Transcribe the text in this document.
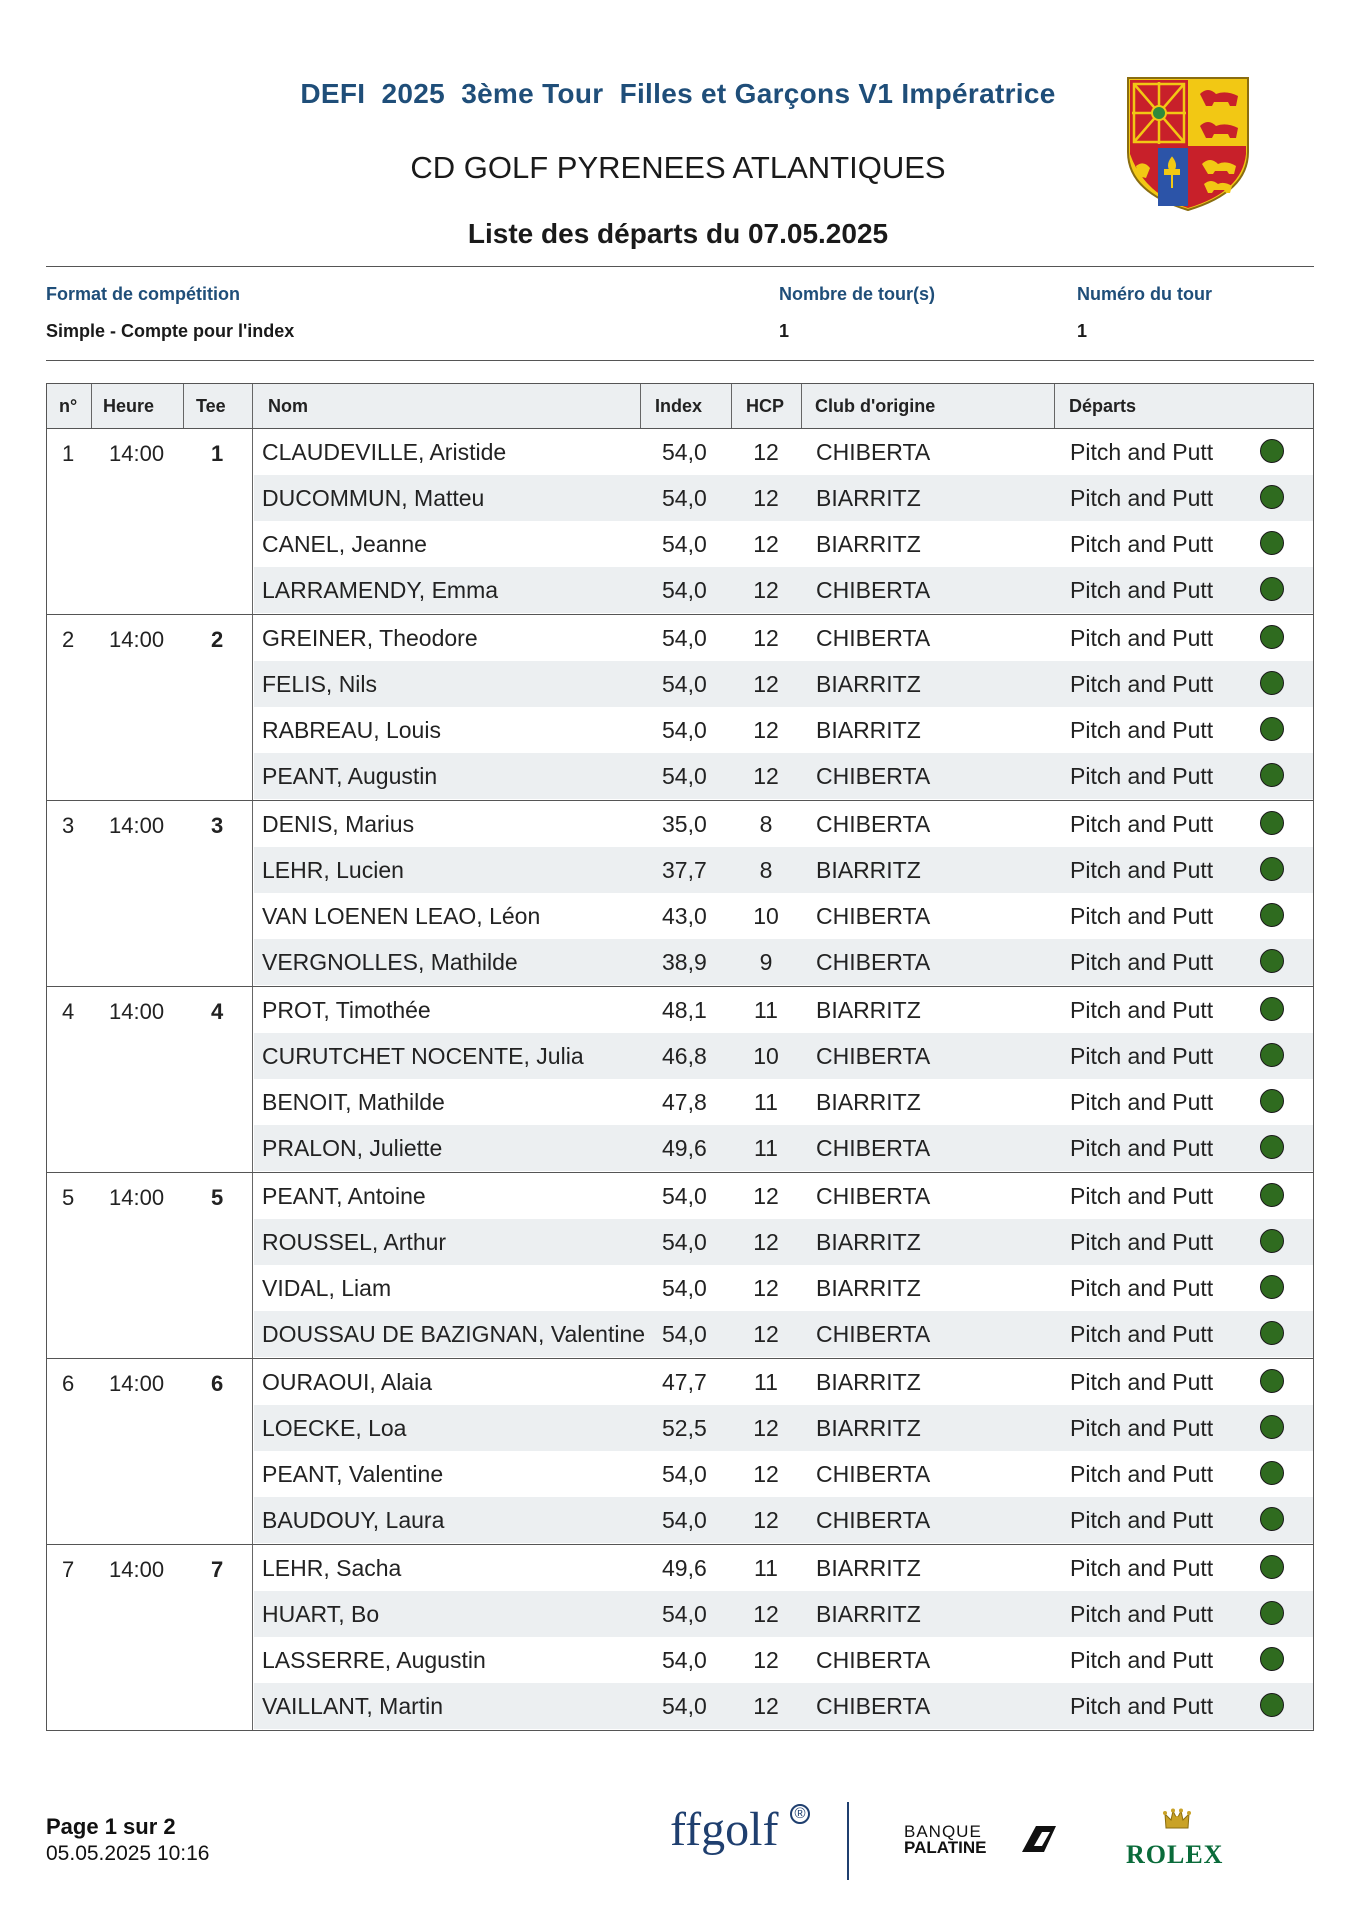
DEFI  2025  3ème Tour  Filles et Garçons V1 Impératrice
CD GOLF PYRENEES ATLANTIQUES
Liste des départs du 07.05.2025
Format de compétition
Simple - Compte pour l'index
Nombre de tour(s)
1
Numéro du tour
1
n° Heure Tee Nom	Index HCP Club d'origine	Départs
1 14:00 1 CLAUDEVILLE, Aristide	54,0	12	CHIBERTA	Pitch and Putt
DUCOMMUN, Matteu	54,0	12	BIARRITZ	Pitch and Putt
CANEL, Jeanne	54,0	12	BIARRITZ	Pitch and Putt
LARRAMENDY, Emma	54,0	12	CHIBERTA	Pitch and Putt
2 14:00 2 GREINER, Theodore	54,0	12	CHIBERTA	Pitch and Putt
FELIS, Nils	54,0	12	BIARRITZ	Pitch and Putt
RABREAU, Louis	54,0	12	BIARRITZ	Pitch and Putt
PEANT, Augustin	54,0	12	CHIBERTA	Pitch and Putt
3 14:00 3 DENIS, Marius	35,0	8	CHIBERTA	Pitch and Putt
LEHR, Lucien	37,7	8	BIARRITZ	Pitch and Putt
VAN LOENEN LEAO, Léon	43,0	10	CHIBERTA	Pitch and Putt
VERGNOLLES, Mathilde	38,9	9	CHIBERTA	Pitch and Putt
4 14:00 4 PROT, Timothée	48,1	11	BIARRITZ	Pitch and Putt
CURUTCHET NOCENTE, Julia	46,8	10	CHIBERTA	Pitch and Putt
BENOIT, Mathilde	47,8	11	BIARRITZ	Pitch and Putt
PRALON, Juliette	49,6	11	CHIBERTA	Pitch and Putt
5 14:00 5 PEANT, Antoine	54,0	12	CHIBERTA	Pitch and Putt
ROUSSEL, Arthur	54,0	12	BIARRITZ	Pitch and Putt
VIDAL, Liam	54,0	12	BIARRITZ	Pitch and Putt
DOUSSAU DE BAZIGNAN, Valentine 54,0	12	CHIBERTA	Pitch and Putt
6 14:00 6 OURAOUI, Alaia	47,7	11	BIARRITZ	Pitch and Putt
LOECKE, Loa	52,5	12	BIARRITZ	Pitch and Putt
PEANT, Valentine	54,0	12	CHIBERTA	Pitch and Putt
BAUDOUY, Laura	54,0	12	CHIBERTA	Pitch and Putt
7 14:00 7 LEHR, Sacha	49,6	11	BIARRITZ	Pitch and Putt
HUART, Bo	54,0	12	BIARRITZ	Pitch and Putt
LASSERRE, Augustin	54,0	12	CHIBERTA	Pitch and Putt
VAILLANT, Martin	54,0	12	CHIBERTA	Pitch and Putt
Page 1 sur 2
05.05.2025 10:16	ffgolf ®
BANQUE
PALATINE	ROLEX
